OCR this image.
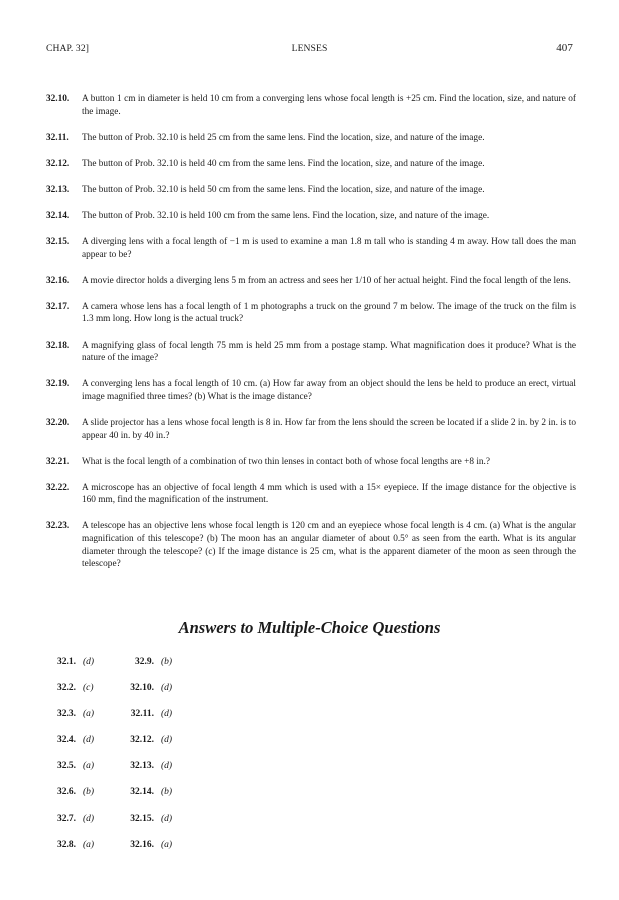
CHAP. 32]	LENSES	407
32.10. A button 1 cm in diameter is held 10 cm from a converging lens whose focal length is +25 cm. Find the location, size, and nature of the image.
32.11. The button of Prob. 32.10 is held 25 cm from the same lens. Find the location, size, and nature of the image.
32.12. The button of Prob. 32.10 is held 40 cm from the same lens. Find the location, size, and nature of the image.
32.13. The button of Prob. 32.10 is held 50 cm from the same lens. Find the location, size, and nature of the image.
32.14. The button of Prob. 32.10 is held 100 cm from the same lens. Find the location, size, and nature of the image.
32.15. A diverging lens with a focal length of −1 m is used to examine a man 1.8 m tall who is standing 4 m away. How tall does the man appear to be?
32.16. A movie director holds a diverging lens 5 m from an actress and sees her 1/10 of her actual height. Find the focal length of the lens.
32.17. A camera whose lens has a focal length of 1 m photographs a truck on the ground 7 m below. The image of the truck on the film is 1.3 mm long. How long is the actual truck?
32.18. A magnifying glass of focal length 75 mm is held 25 mm from a postage stamp. What magnification does it produce? What is the nature of the image?
32.19. A converging lens has a focal length of 10 cm. (a) How far away from an object should the lens be held to produce an erect, virtual image magnified three times? (b) What is the image distance?
32.20. A slide projector has a lens whose focal length is 8 in. How far from the lens should the screen be located if a slide 2 in. by 2 in. is to appear 40 in. by 40 in.?
32.21. What is the focal length of a combination of two thin lenses in contact both of whose focal lengths are +8 in.?
32.22. A microscope has an objective of focal length 4 mm which is used with a 15× eyepiece. If the image distance for the objective is 160 mm, find the magnification of the instrument.
32.23. A telescope has an objective lens whose focal length is 120 cm and an eyepiece whose focal length is 4 cm. (a) What is the angular magnification of this telescope? (b) The moon has an angular diameter of about 0.5° as seen from the earth. What is its angular diameter through the telescope? (c) If the image distance is 25 cm, what is the apparent diameter of the moon as seen through the telescope?
Answers to Multiple-Choice Questions
32.1. (d)	32.9. (b)
32.2. (c)	32.10. (d)
32.3. (a)	32.11. (d)
32.4. (d)	32.12. (d)
32.5. (a)	32.13. (d)
32.6. (b)	32.14. (b)
32.7. (d)	32.15. (d)
32.8. (a)	32.16. (a)
